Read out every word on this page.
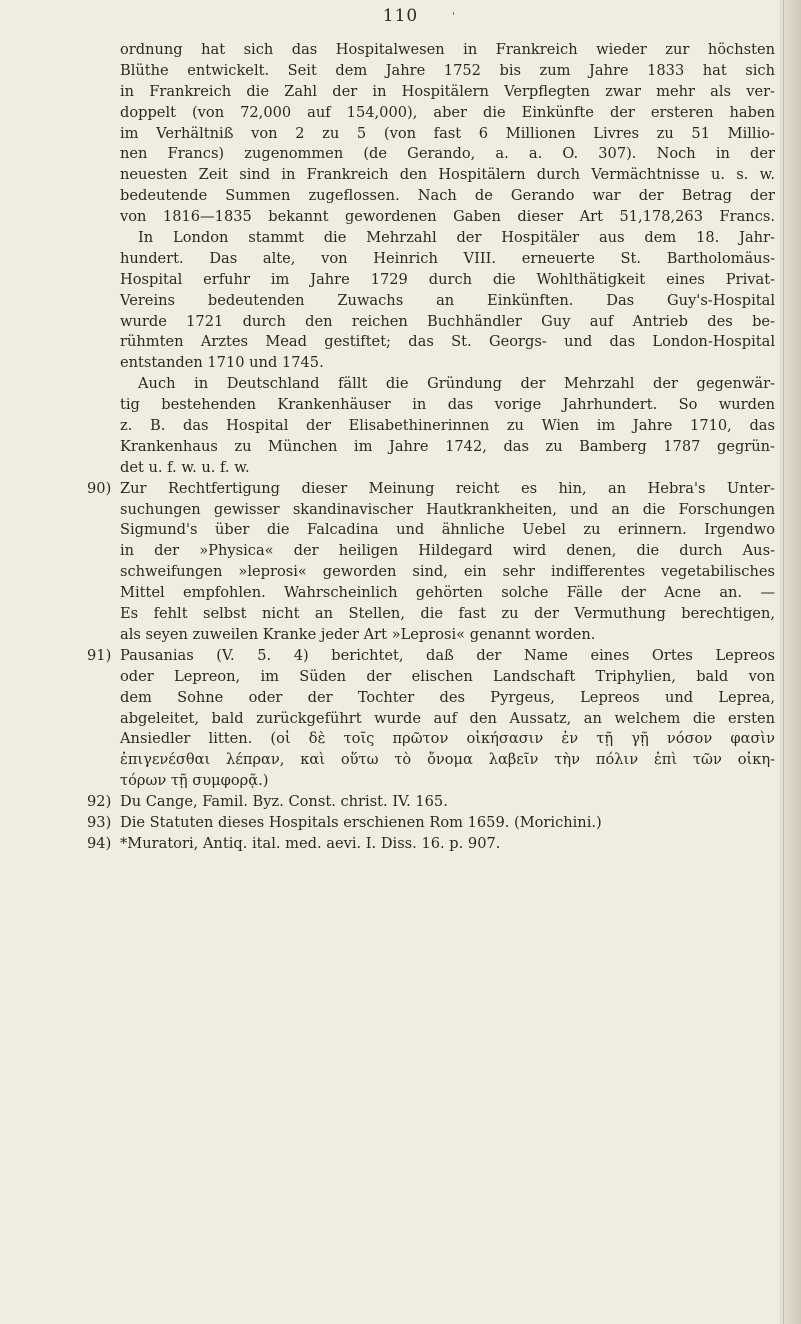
110	'
ordnung hat sich das Hospitalwesen in Frankreich wieder zur höchsten
Blüthe entwickelt. Seit dem Jahre 1752 bis zum Jahre 1833 hat sich
in Frankreich die Zahl der in Hospitälern Verpflegten zwar mehr als ver-
doppelt (von 72,000 auf 154,000), aber die Einkünfte der ersteren haben
im Verhältniß von 2 zu 5 (von fast 6 Millionen Livres zu 51 Millio-
nen Francs) zugenommen (de Gerando, a. a. O. 307). Noch in der
neuesten Zeit sind in Frankreich den Hospitälern durch Vermächtnisse u. s. w.
bedeutende Summen zugeflossen. Nach de Gerando war der Betrag der
von 1816—1835 bekannt gewordenen Gaben dieser Art 51,178,263 Francs.
In London stammt die Mehrzahl der Hospitäler aus dem 18. Jahr-
hundert. Das alte, von Heinrich VIII. erneuerte St. Bartholomäus-
Hospital erfuhr im Jahre 1729 durch die Wohlthätigkeit eines Privat-
Vereins bedeutenden Zuwachs an Einkünften. Das Guy's-Hospital
wurde 1721 durch den reichen Buchhändler Guy auf Antrieb des be-
rühmten Arztes Mead gestiftet; das St. Georgs- und das London-Hospital
entstanden 1710 und 1745.
Auch in Deutschland fällt die Gründung der Mehrzahl der gegenwär-
tig bestehenden Krankenhäuser in das vorige Jahrhundert. So wurden
z. B. das Hospital der Elisabethinerinnen zu Wien im Jahre 1710, das
Krankenhaus zu München im Jahre 1742, das zu Bamberg 1787 gegrün-
det u. f. w. u. f. w.
Zur Rechtfertigung dieser Meinung reicht es hin, an Hebra's Unter-
90)
suchungen gewisser skandinavischer Hautkrankheiten, und an die Forschungen
Sigmund's über die Falcadina und ähnliche Uebel zu erinnern. Irgendwo
in der »Physica« der heiligen Hildegard wird denen, die durch Aus-
schweifungen »leprosi« geworden sind, ein sehr indifferentes vegetabilisches
Mittel empfohlen. Wahrscheinlich gehörten solche Fälle der Acne an. —
Es fehlt selbst nicht an Stellen, die fast zu der Vermuthung berechtigen,
als seyen zuweilen Kranke jeder Art »Leprosi« genannt worden.
Pausanias (V. 5. 4) berichtet, daß der Name eines Ortes Lepreos
91)
oder Lepreon, im Süden der elischen Landschaft Triphylien, bald von
dem Sohne oder der Tochter des Pyrgeus, Lepreos und Leprea,
abgeleitet, bald zurückgeführt wurde auf den Aussatz, an welchem die ersten
Ansiedler litten. (οἱ δὲ τοῖς πρῶτον οἰκήσασιν ἐν τῇ γῇ νόσον φασὶν
ἐπιγενέσθαι λέπραν, καὶ οὕτω τὸ ὄνομα λαβεῖν τὴν πόλιν ἐπὶ τῶν οἰκη-
τόρων τῇ συμφορᾷ.)
Du Cange, Famil. Byz. Const. christ. IV. 165.
92)
Die Statuten dieses Hospitals erschienen Rom 1659. (Morichini.)
93)
*Muratori, Antiq. ital. med. aevi. I. Diss. 16. p. 907.
94)
